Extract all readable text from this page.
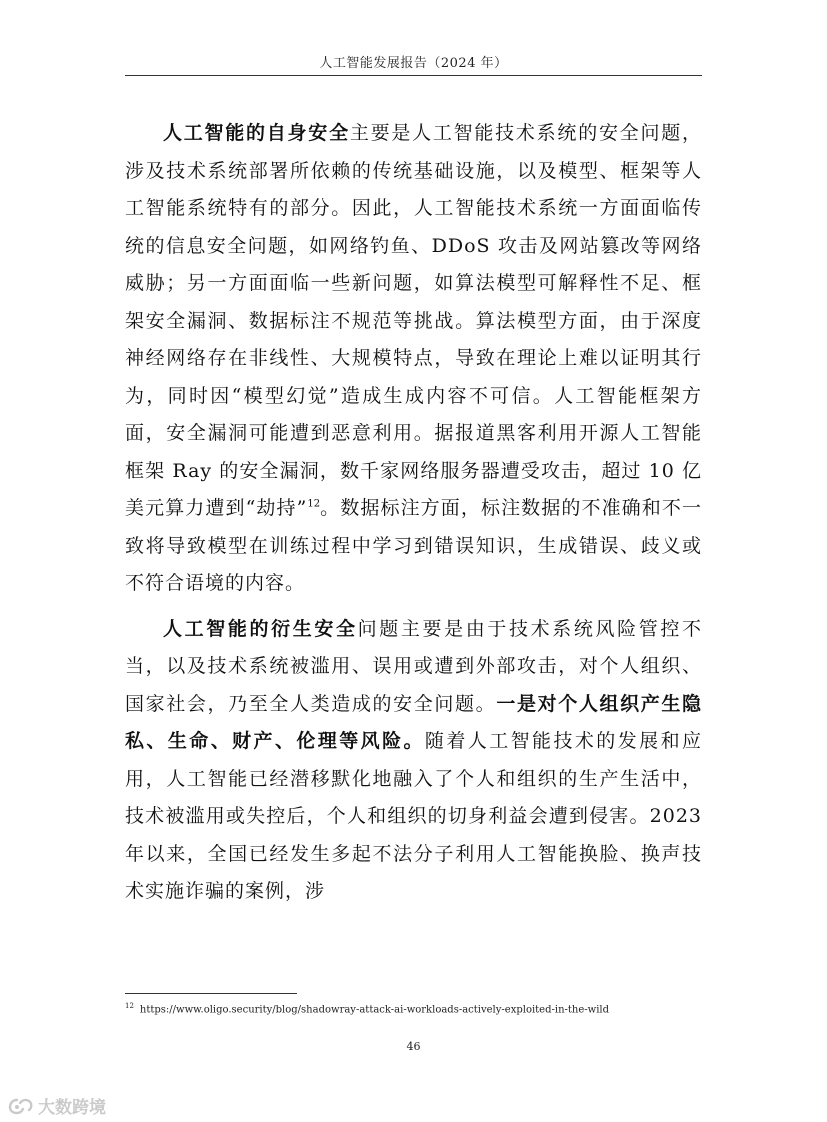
人工智能发展报告（2024 年）

人工智能的自身安全主要是人工智能技术系统的安全问题，涉及技术系统部署所依赖的传统基础设施，以及模型、框架等人工智能系统特有的部分。因此，人工智能技术系统一方面面临传统的信息安全问题，如网络钓鱼、DDoS 攻击及网站篡改等网络威胁；另一方面面临一些新问题，如算法模型可解释性不足、框架安全漏洞、数据标注不规范等挑战。算法模型方面，由于深度神经网络存在非线性、大规模特点，导致在理论上难以证明其行为，同时因“模型幻觉”造成生成内容不可信。人工智能框架方面，安全漏洞可能遭到恶意利用。据报道黑客利用开源人工智能框架 Ray 的安全漏洞，数千家网络服务器遭受攻击，超过 10 亿美元算力遭到“劫持”$^{12}$。数据标注方面，标注数据的不准确和不一致将导致模型在训练过程中学习到错误知识，生成错误、歧义或不符合语境的内容。

人工智能的衍生安全问题主要是由于技术系统风险管控不当，以及技术系统被滥用、误用或遭到外部攻击，对个人组织、国家社会，乃至全人类造成的安全问题。一是对个人组织产生隐私、生命、财产、伦理等风险。随着人工智能技术的发展和应用，人工智能已经潜移默化地融入了个人和组织的生产生活中，技术被滥用或失控后，个人和组织的切身利益会遭到侵害。2023 年以来，全国已经发生多起不法分子利用人工智能换脸、换声技术实施诈骗的案例，涉

$^{12}$ https://www.oligo.security/blog/shadowray-attack-ai-workloads-actively-exploited-in-the-wild
46
大数跨境
